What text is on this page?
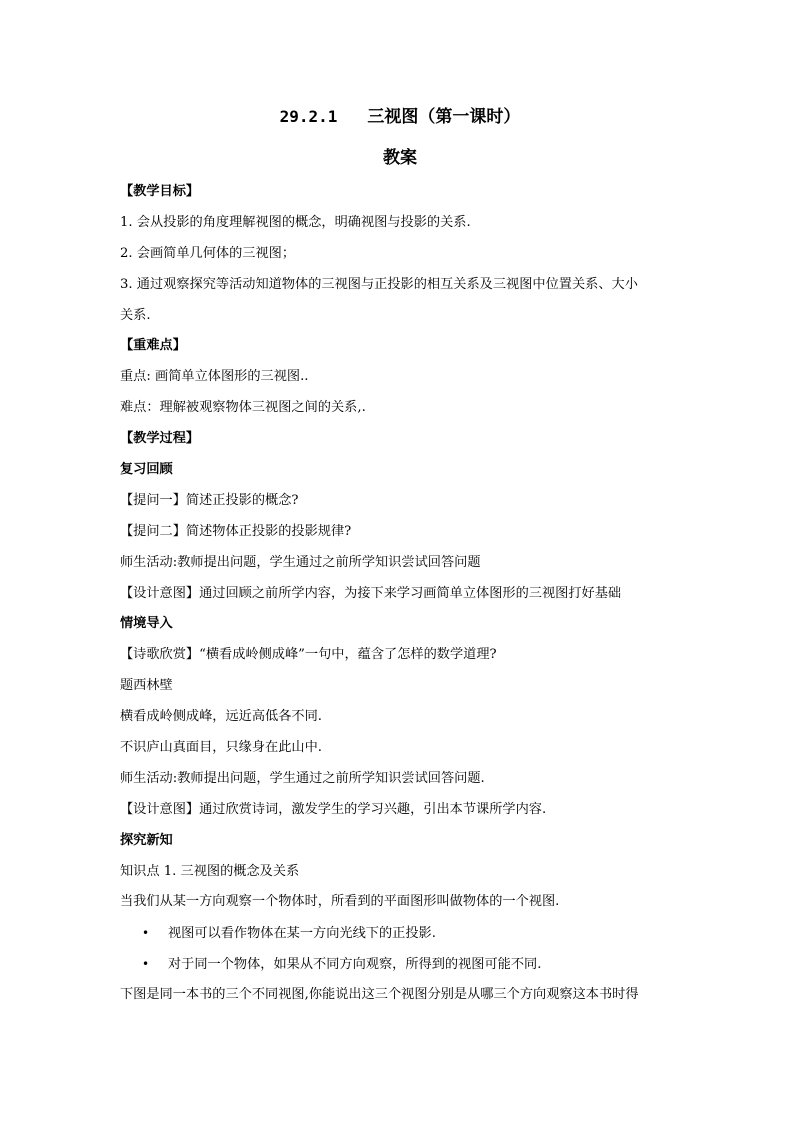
29.2.1 三视图（第一课时）
教案
【教学目标】
1. 会从投影的角度理解视图的概念，明确视图与投影的关系.
2. 会画简单几何体的三视图；
3. 通过观察探究等活动知道物体的三视图与正投影的相互关系及三视图中位置关系、大小
关系.
【重难点】
重点: 画简单立体图形的三视图..
难点：理解被观察物体三视图之间的关系,.
【教学过程】
复习回顾
【提问一】简述正投影的概念?
【提问二】简述物体正投影的投影规律?
师生活动:教师提出问题，学生通过之前所学知识尝试回答问题
【设计意图】通过回顾之前所学内容，为接下来学习画简单立体图形的三视图打好基础
情境导入
【诗歌欣赏】“横看成岭侧成峰”一句中，蕴含了怎样的数学道理?
题西林壁
横看成岭侧成峰，远近高低各不同.
不识庐山真面目，只缘身在此山中.
师生活动:教师提出问题，学生通过之前所学知识尝试回答问题.
【设计意图】通过欣赏诗词，激发学生的学习兴趣，引出本节课所学内容.
探究新知
知识点 1. 三视图的概念及关系
当我们从某一方向观察一个物体时，所看到的平面图形叫做物体的一个视图.
• 视图可以看作物体在某一方向光线下的正投影.
• 对于同一个物体，如果从不同方向观察，所得到的视图可能不同.
下图是同一本书的三个不同视图,你能说出这三个视图分别是从哪三个方向观察这本书时得
